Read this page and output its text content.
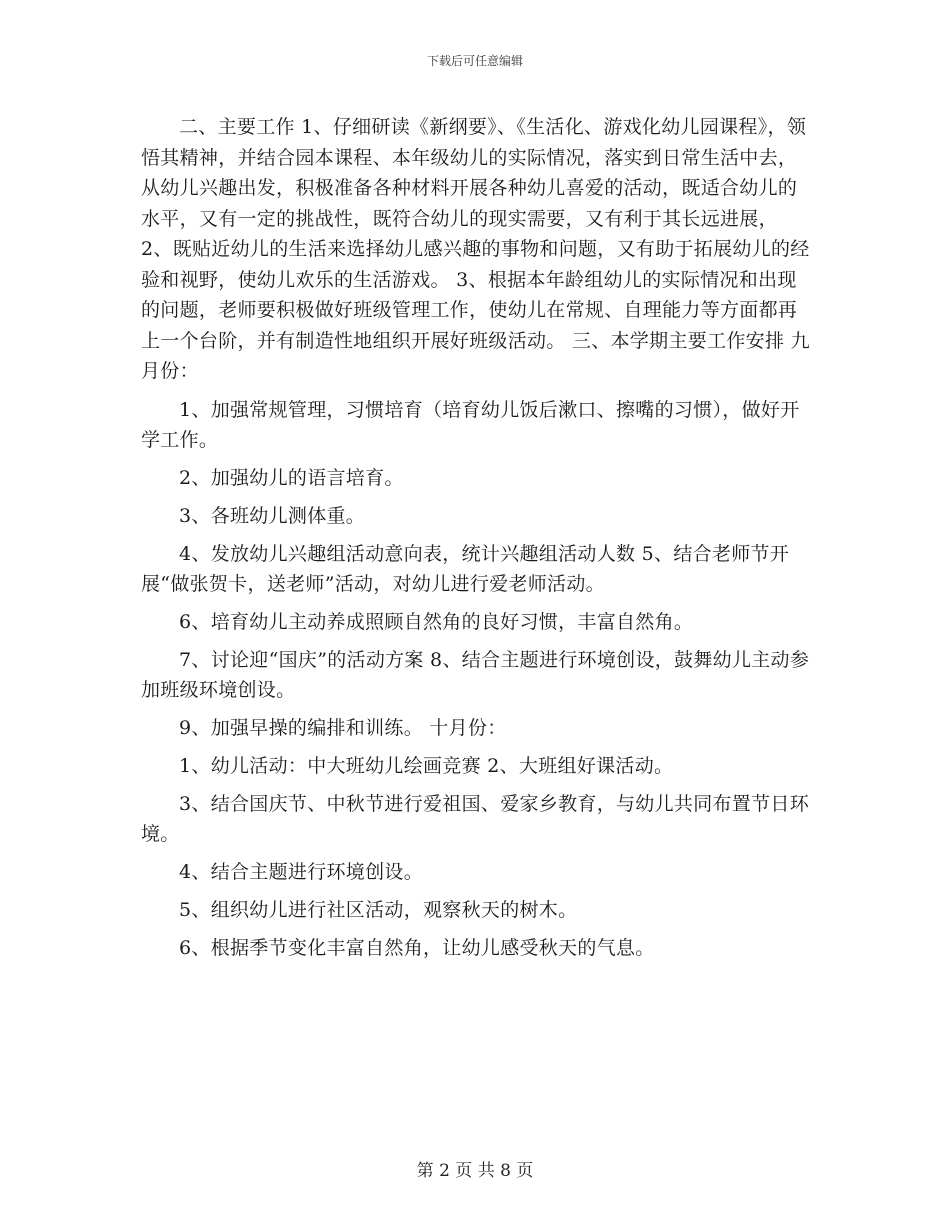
下载后可任意编辑

二、主要工作 1、仔细研读《新纲要》、《生活化、游戏化幼儿园课程》，领悟其精神，并结合园本课程、本年级幼儿的实际情况，落实到日常生活中去，从幼儿兴趣出发，积极准备各种材料开展各种幼儿喜爱的活动，既适合幼儿的水平，又有一定的挑战性，既符合幼儿的现实需要，又有利于其长远进展， 2、既贴近幼儿的生活来选择幼儿感兴趣的事物和问题，又有助于拓展幼儿的经验和视野，使幼儿欢乐的生活游戏。 3、根据本年龄组幼儿的实际情况和出现的问题，老师要积极做好班级管理工作，使幼儿在常规、自理能力等方面都再上一个台阶，并有制造性地组织开展好班级活动。 三、本学期主要工作安排 九月份：

1、加强常规管理，习惯培育（培育幼儿饭后漱口、擦嘴的习惯），做好开学工作。

2、加强幼儿的语言培育。

3、各班幼儿测体重。

4、发放幼儿兴趣组活动意向表，统计兴趣组活动人数 5、结合老师节开展“做张贺卡，送老师”活动，对幼儿进行爱老师活动。

6、培育幼儿主动养成照顾自然角的良好习惯，丰富自然角。

7、讨论迎“国庆”的活动方案 8、结合主题进行环境创设，鼓舞幼儿主动参加班级环境创设。

9、加强早操的编排和训练。 十月份：

1、幼儿活动：中大班幼儿绘画竞赛 2、大班组好课活动。

3、结合国庆节、中秋节进行爱祖国、爱家乡教育，与幼儿共同布置节日环境。

4、结合主题进行环境创设。

5、组织幼儿进行社区活动，观察秋天的树木。

6、根据季节变化丰富自然角，让幼儿感受秋天的气息。

第 2 页 共 8 页
